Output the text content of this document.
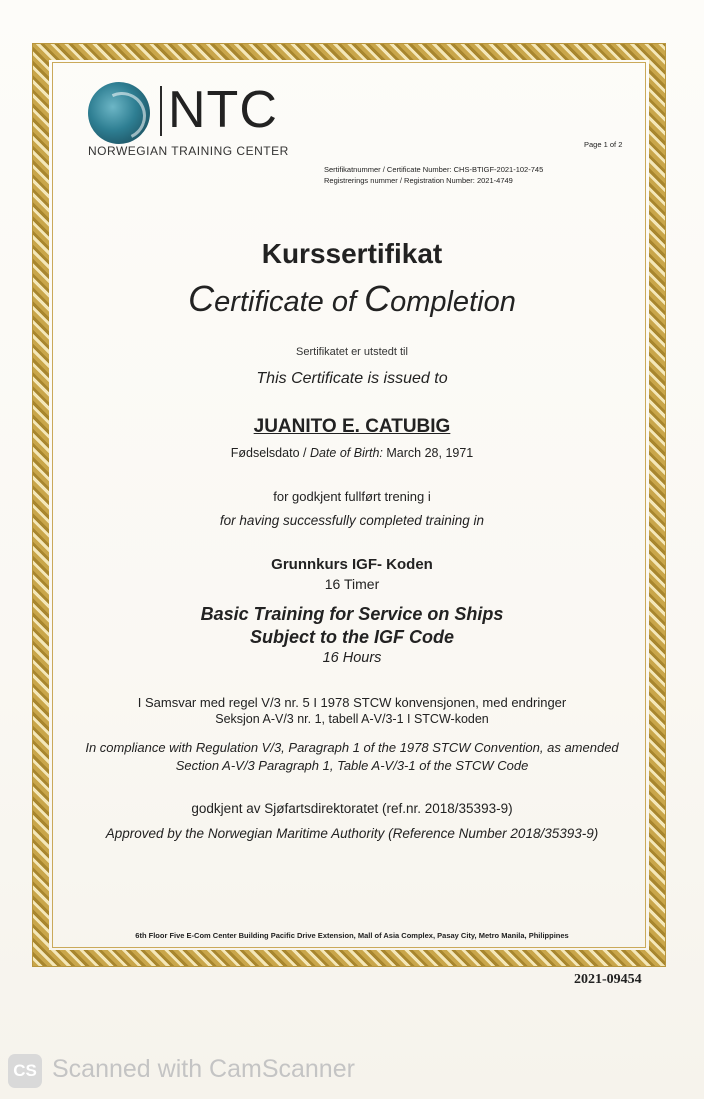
NTC
NORWEGIAN TRAINING CENTER	Page 1 of 2
Sertifikatnummer / Certificate Number: CHS-BTIGF-2021-102-745
Registrerings nummer / Registration Number: 2021-4749
Kurssertifikat
Certificate of Completion
Sertifikatet er utstedt til
This Certificate is issued to
JUANITO E. CATUBIG
Fødselsdato / Date of Birth: March 28, 1971
for godkjent fullført trening i
for having successfully completed training in
Grunnkurs IGF- Koden
16 Timer
Basic Training for Service on Ships
Subject to the IGF Code
16 Hours
I Samsvar med regel V/3 nr. 5 I 1978 STCW konvensjonen, med endringer
Seksjon A-V/3 nr. 1, tabell A-V/3-1 I STCW-koden
In compliance with Regulation V/3, Paragraph 1 of the 1978 STCW Convention, as amended
Section A-V/3 Paragraph 1, Table A-V/3-1 of the STCW Code
godkjent av Sjøfartsdirektoratet (ref.nr. 2018/35393-9)
Approved by the Norwegian Maritime Authority (Reference Number 2018/35393-9)
6th Floor Five E-Com Center Building Pacific Drive Extension, Mall of Asia Complex, Pasay City, Metro Manila, Philippines
2021-09454
CS Scanned with CamScanner
